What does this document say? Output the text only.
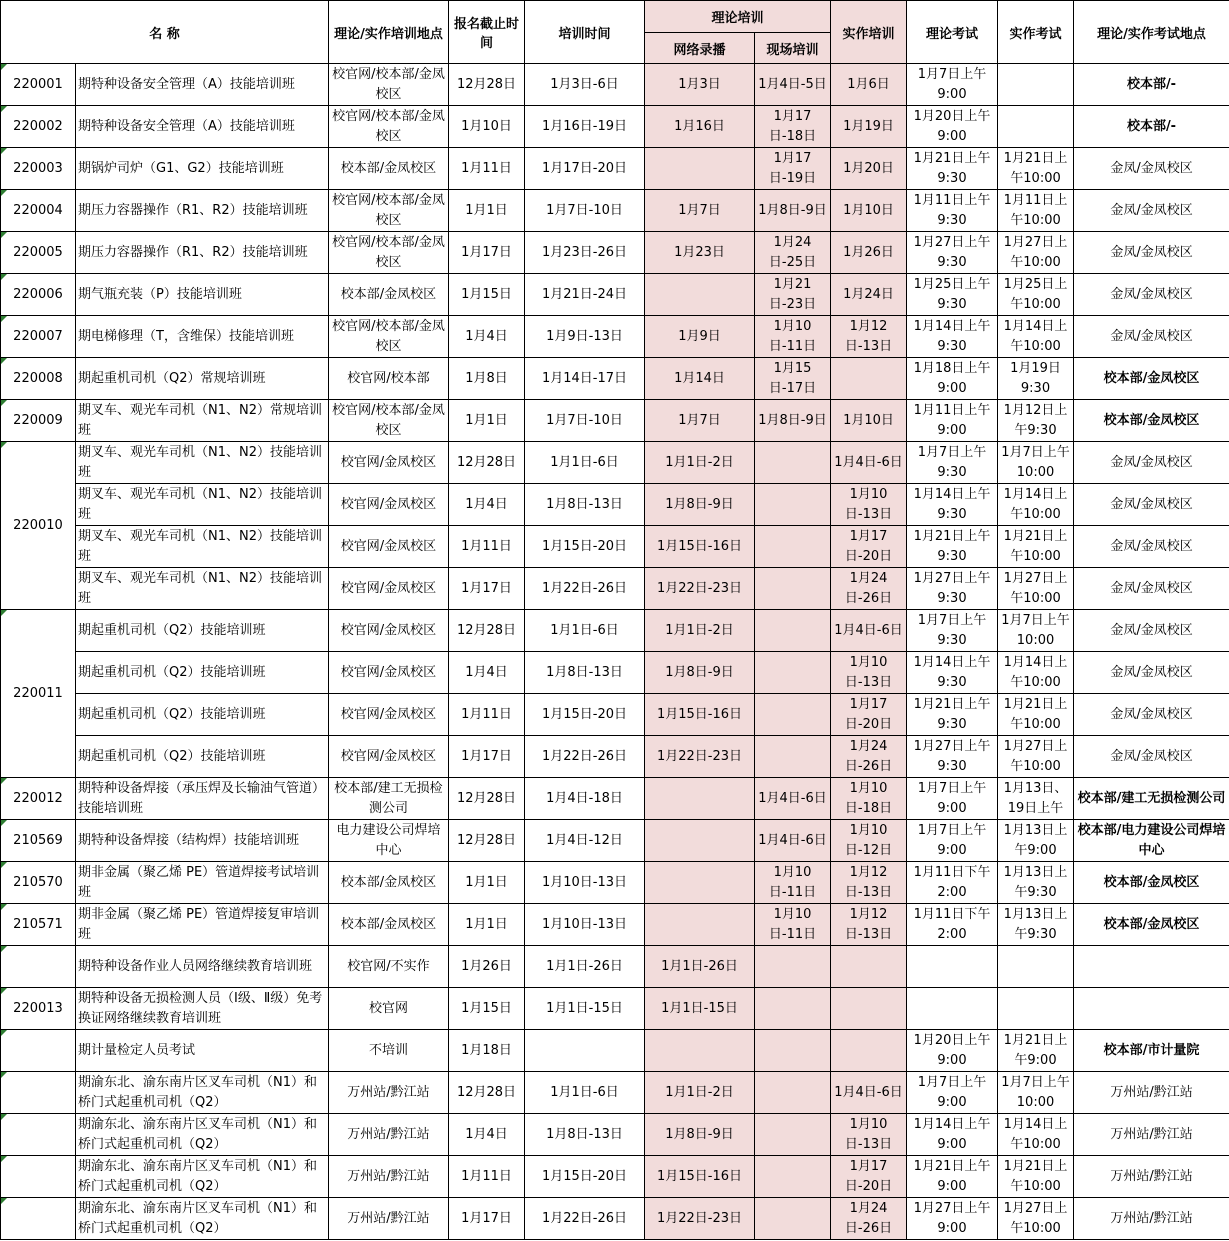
名 称		理论/实作培训地点	报名截止时间	培训时间	理论培训		实作培训	理论考试	实作考试	理论/实作考试地点
					网络录播	现场培训				

220001	期特种设备安全管理（A）技能培训班	校官网/校本部/金凤校区	12月28日	1月3日-6日	1月3日	1月4日-5日	1月6日	1月7日上午9:00		校本部/-

220002	期特种设备安全管理（A）技能培训班	校官网/校本部/金凤校区	1月10日	1月16日-19日	1月16日	1月17日-18日	1月19日	1月20日上午9:00		校本部/-

220003	期锅炉司炉（G1、G2）技能培训班	校本部/金凤校区	1月11日	1月17日-20日		1月17日-19日	1月20日	1月21日上午9:30	1月21日上午10:00	金凤/金凤校区

220004	期压力容器操作（R1、R2）技能培训班	校官网/校本部/金凤校区	1月1日	1月7日-10日	1月7日	1月8日-9日	1月10日	1月11日上午9:30	1月11日上午10:00	金凤/金凤校区

220005	期压力容器操作（R1、R2）技能培训班	校官网/校本部/金凤校区	1月17日	1月23日-26日	1月23日	1月24日-25日	1月26日	1月27日上午9:30	1月27日上午10:00	金凤/金凤校区

220006	期气瓶充装（P）技能培训班	校本部/金凤校区	1月15日	1月21日-24日		1月21日-23日	1月24日	1月25日上午9:30	1月25日上午10:00	金凤/金凤校区

220007	期电梯修理（T，含维保）技能培训班	校官网/校本部/金凤校区	1月4日	1月9日-13日	1月9日	1月10日-11日	1月12日-13日	1月14日上午9:30	1月14日上午10:00	金凤/金凤校区

220008	期起重机司机（Q2）常规培训班	校官网/校本部	1月8日	1月14日-17日	1月14日	1月15日-17日		1月18日上午9:00	1月19日9:30	校本部/金凤校区

220009	期叉车、观光车司机（N1、N2）常规培训班	校官网/校本部/金凤校区	1月1日	1月7日-10日	1月7日	1月8日-9日	1月10日	1月11日上午9:00	1月12日上午9:30	校本部/金凤校区

220010	期叉车、观光车司机（N1、N2）技能培训班	校官网/金凤校区	12月28日	1月1日-6日	1月1日-2日		1月4日-6日	1月7日上午9:30	1月7日上午10:00	金凤/金凤校区
	期叉车、观光车司机（N1、N2）技能培训班	校官网/金凤校区	1月4日	1月8日-13日	1月8日-9日		1月10日-13日	1月14日上午9:30	1月14日上午10:00	金凤/金凤校区
	期叉车、观光车司机（N1、N2）技能培训班	校官网/金凤校区	1月11日	1月15日-20日	1月15日-16日		1月17日-20日	1月21日上午9:30	1月21日上午10:00	金凤/金凤校区
	期叉车、观光车司机（N1、N2）技能培训班	校官网/金凤校区	1月17日	1月22日-26日	1月22日-23日		1月24日-26日	1月27日上午9:30	1月27日上午10:00	金凤/金凤校区

220011	期起重机司机（Q2）技能培训班	校官网/金凤校区	12月28日	1月1日-6日	1月1日-2日		1月4日-6日	1月7日上午9:30	1月7日上午10:00	金凤/金凤校区
	期起重机司机（Q2）技能培训班	校官网/金凤校区	1月4日	1月8日-13日	1月8日-9日		1月10日-13日	1月14日上午9:30	1月14日上午10:00	金凤/金凤校区
	期起重机司机（Q2）技能培训班	校官网/金凤校区	1月11日	1月15日-20日	1月15日-16日		1月17日-20日	1月21日上午9:30	1月21日上午10:00	金凤/金凤校区
	期起重机司机（Q2）技能培训班	校官网/金凤校区	1月17日	1月22日-26日	1月22日-23日		1月24日-26日	1月27日上午9:30	1月27日上午10:00	金凤/金凤校区

220012	期特种设备焊接（承压焊及长输油气管道）技能培训班	校本部/建工无损检测公司	12月28日	1月4日-18日		1月4日-6日	1月10日-18日	1月7日上午9:00	1月13日、19日上午	校本部/建工无损检测公司

210569	期特种设备焊接（结构焊）技能培训班	电力建设公司焊培中心	12月28日	1月4日-12日		1月4日-6日	1月10日-12日	1月7日上午9:00	1月13日上午9:00	校本部/电力建设公司焊培中心

210570	期非金属（聚乙烯 PE）管道焊接考试培训班	校本部/金凤校区	1月1日	1月10日-13日		1月10日-11日	1月12日-13日	1月11日下午2:00	1月13日上午9:30	校本部/金凤校区

210571	期非金属（聚乙烯 PE）管道焊接复审培训班	校本部/金凤校区	1月1日	1月10日-13日		1月10日-11日	1月12日-13日	1月11日下午2:00	1月13日上午9:30	校本部/金凤校区

	期特种设备作业人员网络继续教育培训班	校官网/不实作	1月26日	1月1日-26日	1月1日-26日					

220013	期特种设备无损检测人员（Ⅰ级、Ⅱ级）免考换证网络继续教育培训班	校官网	1月15日	1月1日-15日	1月1日-15日					

	期计量检定人员考试	不培训	1月18日					1月20日上午9:00	1月21日上午9:00	校本部/市计量院

	期渝东北、渝东南片区叉车司机（N1）和桥门式起重机司机（Q2）	万州站/黔江站	12月28日	1月1日-6日	1月1日-2日		1月4日-6日	1月7日上午9:00	1月7日上午10:00	万州站/黔江站

	期渝东北、渝东南片区叉车司机（N1）和桥门式起重机司机（Q2）	万州站/黔江站	1月4日	1月8日-13日	1月8日-9日		1月10日-13日	1月14日上午9:00	1月14日上午10:00	万州站/黔江站

	期渝东北、渝东南片区叉车司机（N1）和桥门式起重机司机（Q2）	万州站/黔江站	1月11日	1月15日-20日	1月15日-16日		1月17日-20日	1月21日上午9:00	1月21日上午10:00	万州站/黔江站

	期渝东北、渝东南片区叉车司机（N1）和桥门式起重机司机（Q2）	万州站/黔江站	1月17日	1月22日-26日	1月22日-23日		1月24日-26日	1月27日上午9:00	1月27日上午10:00	万州站/黔江站
